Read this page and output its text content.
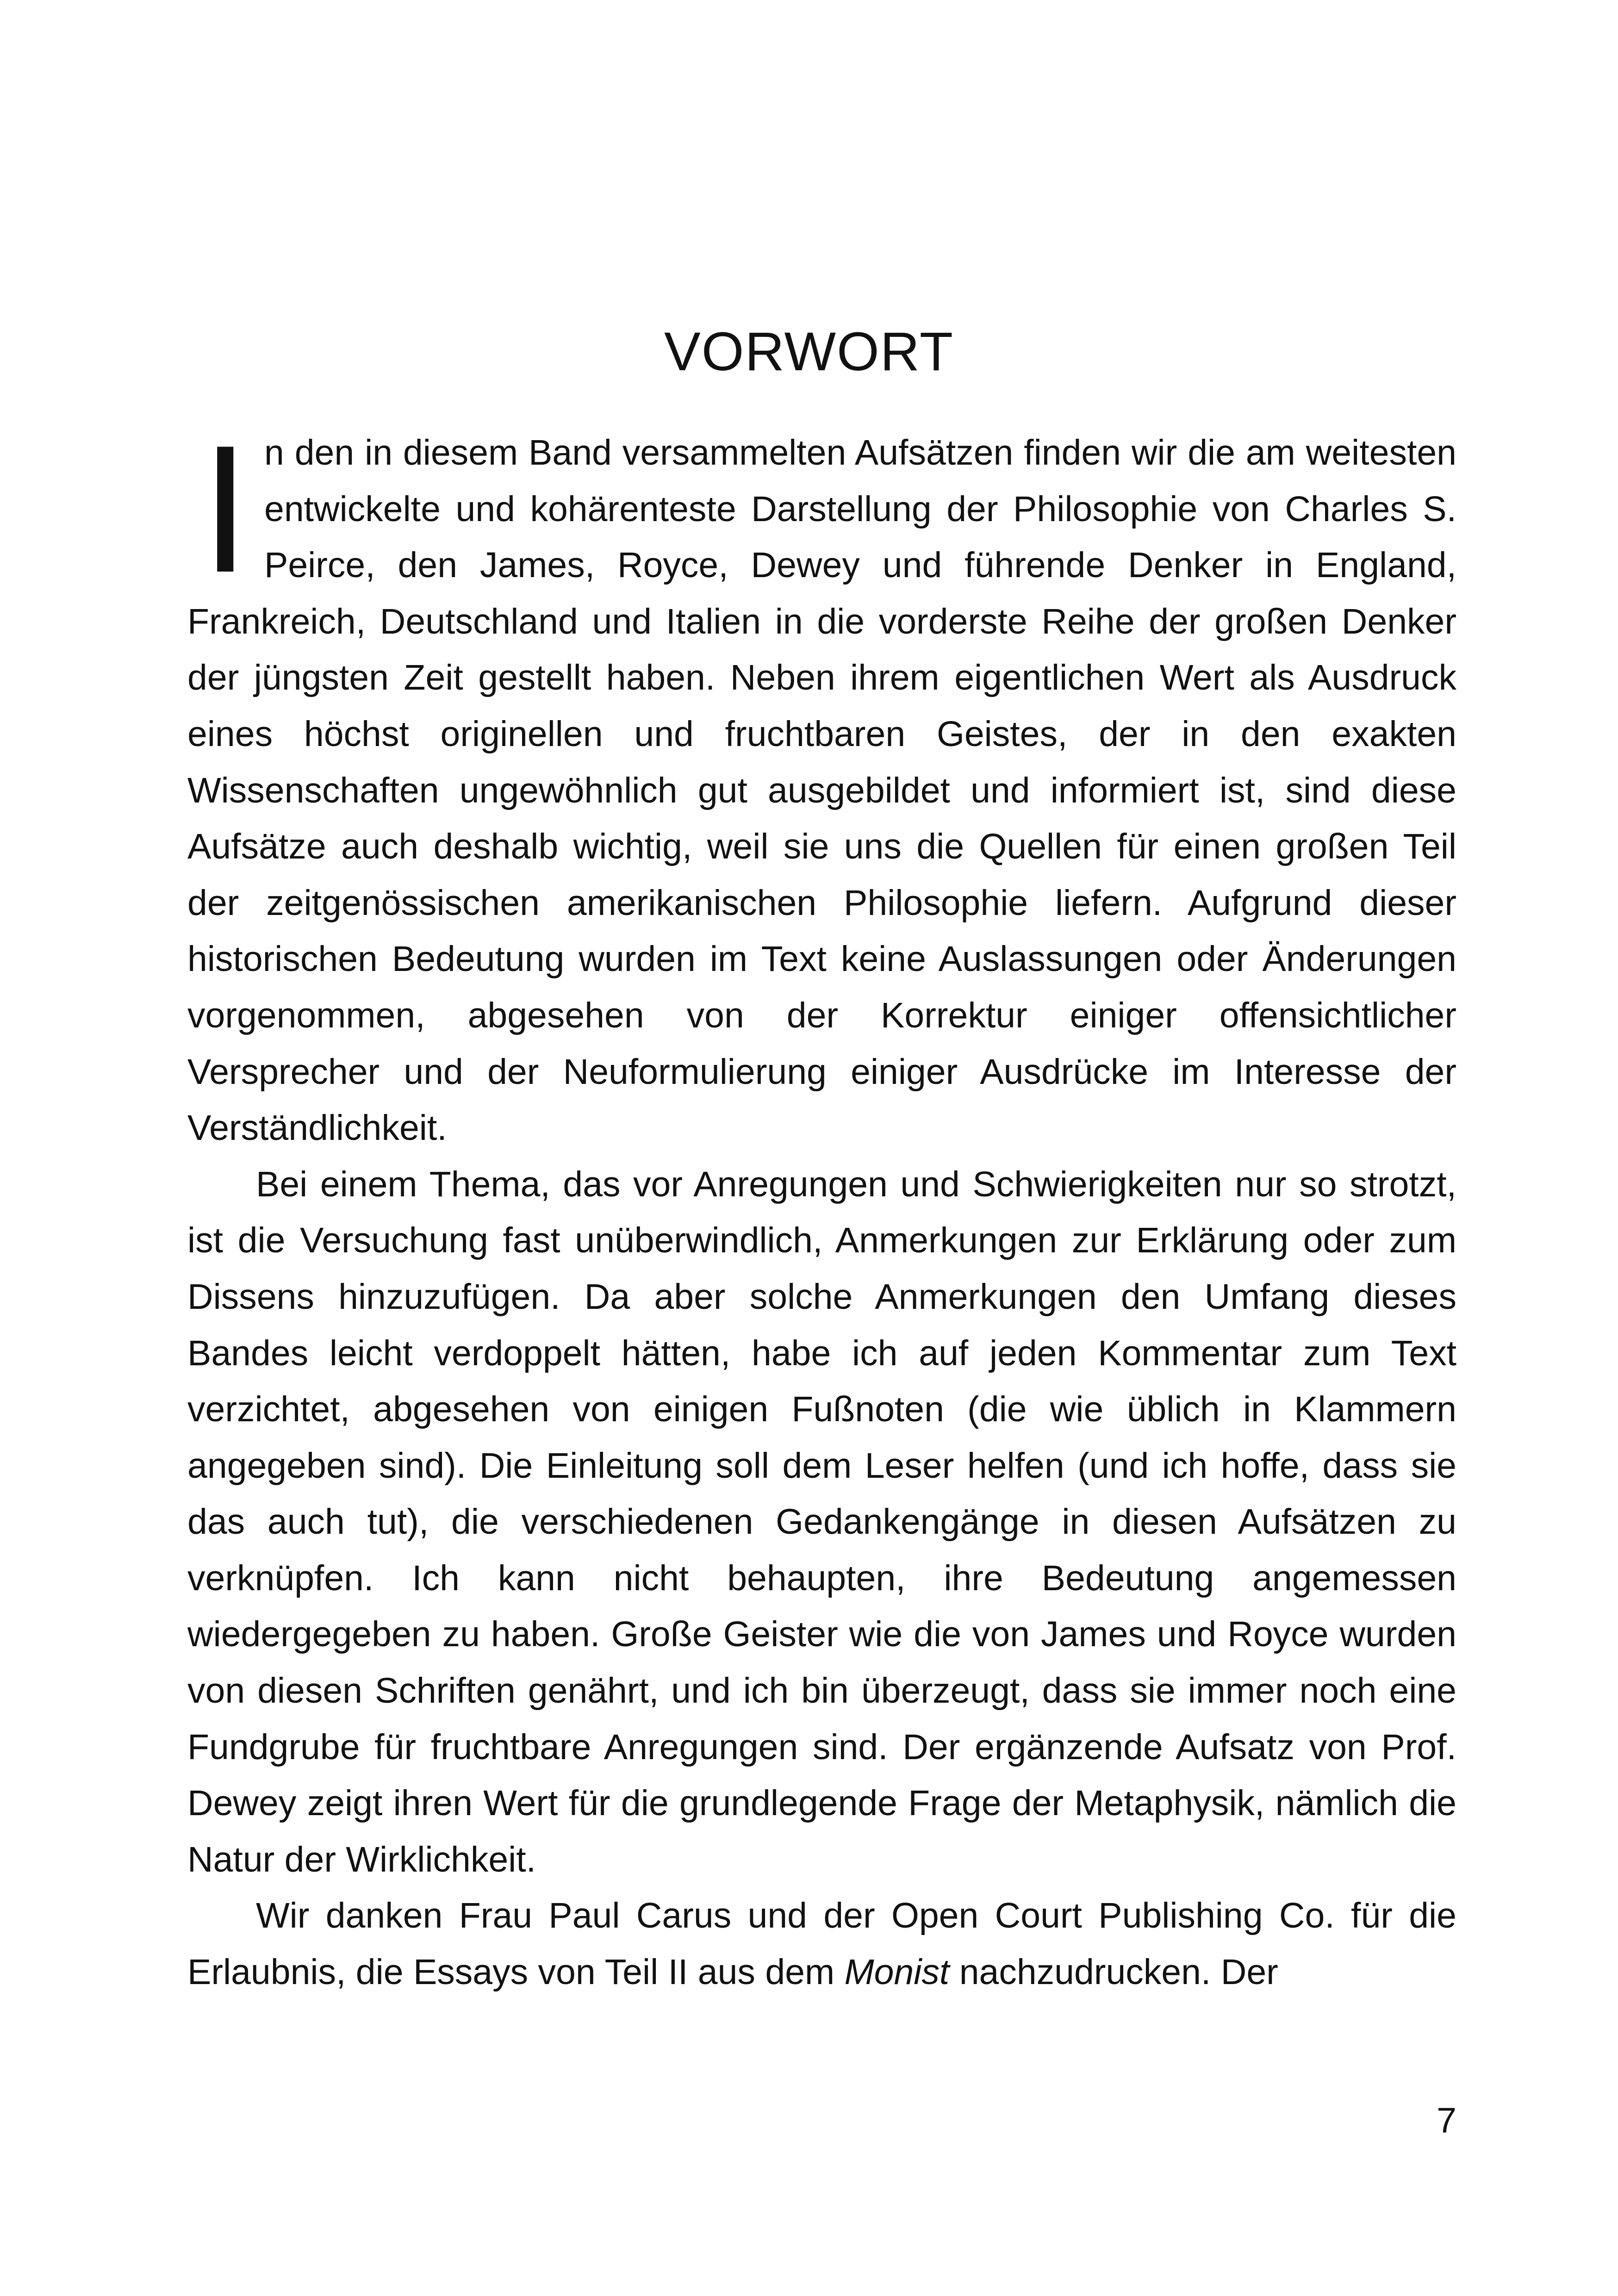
VORWORT

In den in diesem Band versammelten Aufsätzen finden wir die am weitesten entwickelte und kohärenteste Darstellung der Philosophie von Charles S. Peirce, den James, Royce, Dewey und führende Denker in England, Frankreich, Deutschland und Italien in die vorderste Reihe der großen Denker der jüngsten Zeit gestellt haben. Neben ihrem eigentlichen Wert als Ausdruck eines höchst originellen und fruchtbaren Geistes, der in den exakten Wissenschaften ungewöhnlich gut ausgebildet und informiert ist, sind diese Aufsätze auch deshalb wichtig, weil sie uns die Quellen für einen großen Teil der zeitgenössischen amerikanischen Philosophie liefern. Aufgrund dieser historischen Bedeutung wurden im Text keine Auslassungen oder Änderungen vorgenommen, abgesehen von der Korrektur einiger offensichtlicher Versprecher und der Neuformulierung einiger Ausdrücke im Interesse der Verständlichkeit.

Bei einem Thema, das vor Anregungen und Schwierigkeiten nur so strotzt, ist die Versuchung fast unüberwindlich, Anmerkungen zur Erklärung oder zum Dissens hinzuzufügen. Da aber solche Anmerkungen den Umfang dieses Bandes leicht verdoppelt hätten, habe ich auf jeden Kommentar zum Text verzichtet, abgesehen von einigen Fußnoten (die wie üblich in Klammern angegeben sind). Die Einleitung soll dem Leser helfen (und ich hoffe, dass sie das auch tut), die verschiedenen Gedankengänge in diesen Aufsätzen zu verknüpfen. Ich kann nicht behaupten, ihre Bedeutung angemessen wiedergegeben zu haben. Große Geister wie die von James und Royce wurden von diesen Schriften genährt, und ich bin überzeugt, dass sie immer noch eine Fundgrube für fruchtbare Anregungen sind. Der ergänzende Aufsatz von Prof. Dewey zeigt ihren Wert für die grundlegende Frage der Metaphysik, nämlich die Natur der Wirklichkeit.

Wir danken Frau Paul Carus und der Open Court Publishing Co. für die Erlaubnis, die Essays von Teil II aus dem Monist nachzudrucken. Der

7
